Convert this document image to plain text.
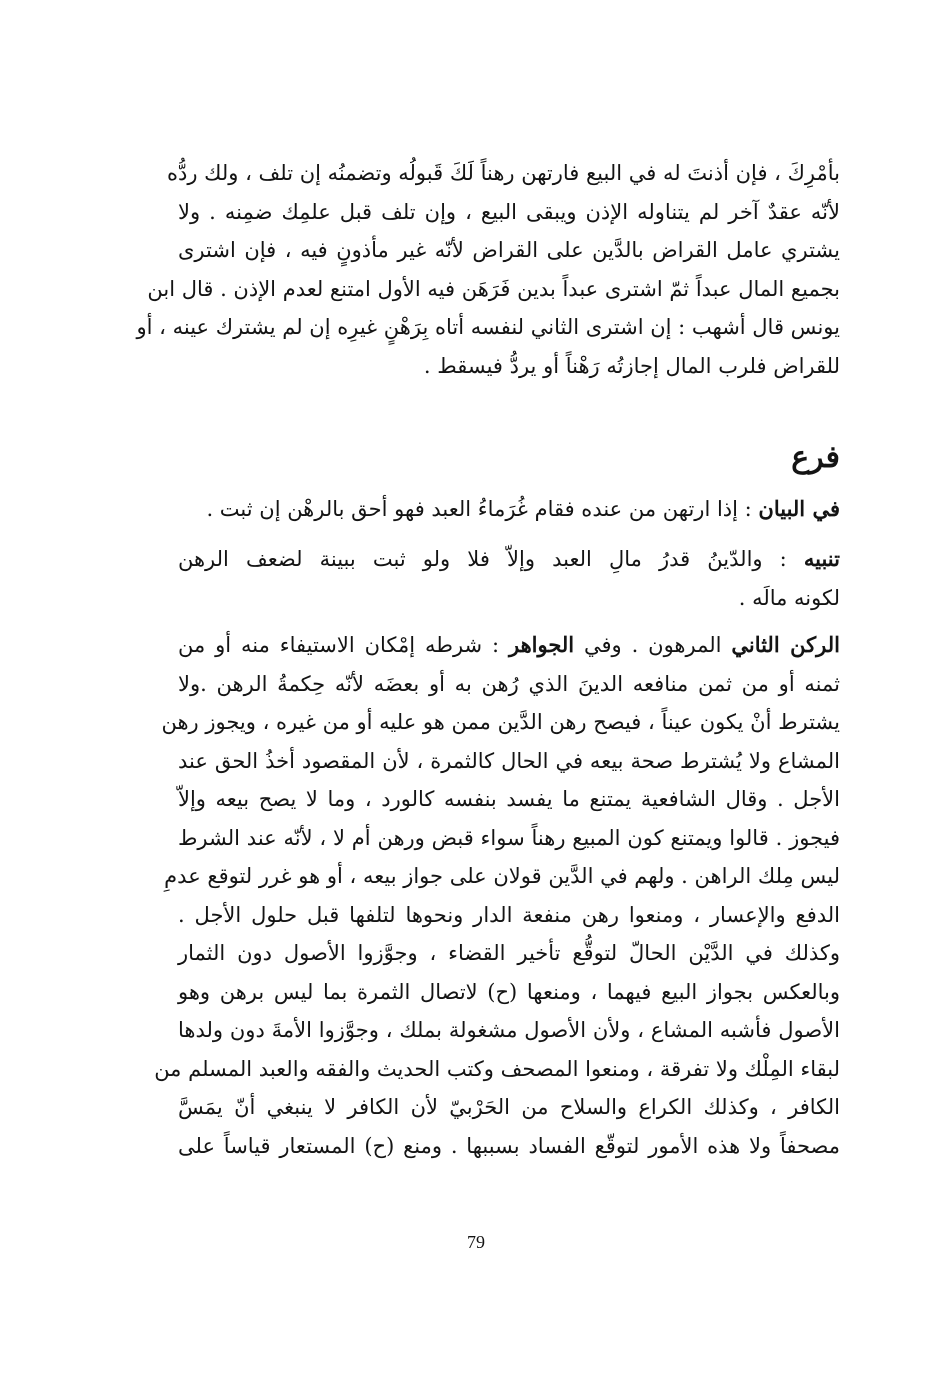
بأمْرِكَ ، فإن أذنتَ له في البيع فارتهن رهناً لَكَ قَبولُه وتضمنُه إن تلف ، ولك ردُّه
لأنّه عقدٌ آخر لم يتناوله الإذن ويبقى البيع ، وإن تلف قبل علمِك ضمِنه . ولا
يشتري عامل القراض بالدَّين على القراض لأنّه غير مأذونٍ فيه ، فإن اشترى
بجميع المال عبداً ثمّ اشترى عبداً بدين فَرَهَن فيه الأول امتنع لعدم الإذن . قال ابن
يونس قال أشهب : إن اشترى الثاني لنفسه أتاه بِرَهْنٍ غيرِه إن لم يشترك عينه ، أو
للقراض فلرب المال إجازتُه رَهْناً أو يردُّ فيسقط .
فرع
في البيان : إذا ارتهن من عنده فقام غُرَماءُ العبد فهو أحق بالرهْن إن ثبت .
تنبيه : والدّينُ قدرُ مالِ العبد وإلاّ فلا ولو ثبت ببينة لضعف الرهن
لكونه مالَه .
الركن الثاني المرهون . وفي الجواهر : شرطه إمْكان الاستيفاء منه أو من
ثمنه أو من ثمن منافعه الدينَ الذي رُهن به أو بعضَه لأنّه حِكمةُ الرهن .ولا
يشترط أنْ يكون عيناً ، فيصح رهن الدَّين ممن هو عليه أو من غيره ، ويجوز رهن
المشاع ولا يُشترط صحة بيعه في الحال كالثمرة ، لأن المقصود أخذُ الحق عند
الأجل . وقال الشافعية يمتنع ما يفسد بنفسه كالورد ، وما لا يصح بيعه وإلاّ
فيجوز . قالوا ويمتنع كون المبيع رهناً سواء قبض ورهن أم لا ، لأنّه عند الشرط
ليس مِلك الراهن . ولهم في الدَّين قولان على جواز بيعه ، أو هو غرر لتوقع عدمِ
الدفع والإعسار ، ومنعوا رهن منفعة الدار ونحوها لتلفها قبل حلول الأجل .
وكذلك في الدَّيْن الحالّ لتوقُّع تأخير القضاء ، وجوَّزوا الأصول دون الثمار
وبالعكس بجواز البيع فيهما ، ومنعها (ح) لاتصال الثمرة بما ليس برهن وهو
الأصول فأشبه المشاع ، ولأن الأصول مشغولة بملك ، وجوَّزوا الأمةَ دون ولدها
لبقاء المِلْك ولا تفرقة ، ومنعوا المصحف وكتب الحديث والفقه والعبد المسلم من
الكافر ، وكذلك الكراع والسلاح من الحَرْبيّ لأن الكافر لا ينبغي أنّ يمَسَّ
مصحفاً ولا هذه الأمور لتوقّع الفساد بسببها . ومنع (ح) المستعار قياساً على
79
